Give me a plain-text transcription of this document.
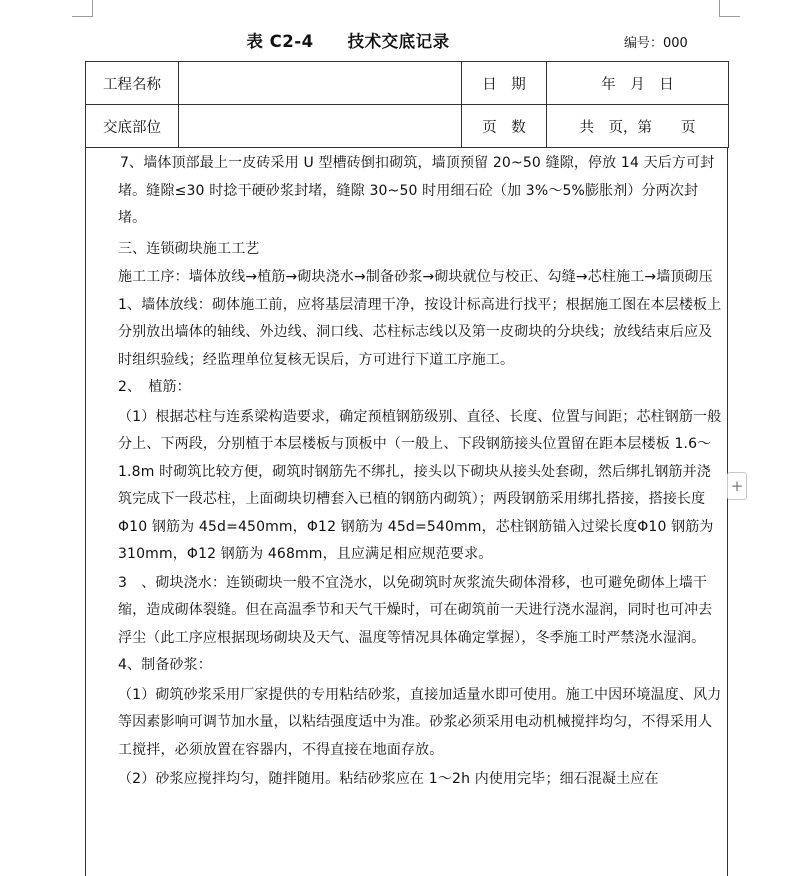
表 C2-4 技术交底记录	编号：000
工程名称		日　期	年　月　日
交底部位		页　数	共　页，第　　页

7、墙体顶部最上一皮砖采用 U 型槽砖倒扣砌筑，墙顶预留 20~50 缝隙，停放 14 天后方可封堵。缝隙≤30 时捻干硬砂浆封堵，缝隙 30~50 时用细石砼（加 3%～5%膨胀剂）分两次封堵。

三、连锁砌块施工工艺

施工工序：墙体放线→植筋→砌块浇水→制备砂浆→砌块就位与校正、勾缝→芯柱施工→墙顶砌压

1、墙体放线：砌体施工前，应将基层清理干净，按设计标高进行找平；根据施工图在本层楼板上分别放出墙体的轴线、外边线、洞口线、芯柱标志线以及第一皮砌块的分块线；放线结束后应及时组织验线；经监理单位复核无误后，方可进行下道工序施工。

2、　植筋：

（1）根据芯柱与连系梁构造要求，确定预植钢筋级别、直径、长度、位置与间距；芯柱钢筋一般分上、下两段，分别植于本层楼板与顶板中（一般上、下段钢筋接头位置留在距本层楼板 1.6～1.8m 时砌筑比较方便，砌筑时钢筋先不绑扎，接头以下砌块从接头处套砌，然后绑扎钢筋并浇筑完成下一段芯柱，上面砌块切槽套入已植的钢筋内砌筑）；两段钢筋采用绑扎搭接，搭接长度Φ10 钢筋为 45d=450mm，Φ12 钢筋为 45d=540mm，芯柱钢筋锚入过梁长度Φ10 钢筋为 310mm，Φ12 钢筋为 468mm，且应满足相应规范要求。

3　、砌块浇水：连锁砌块一般不宜浇水，以免砌筑时灰浆流失砌体滑移，也可避免砌体上墙干缩，造成砌体裂缝。但在高温季节和天气干燥时，可在砌筑前一天进行浇水湿润，同时也可冲去浮尘（此工序应根据现场砌块及天气、温度等情况具体确定掌握），冬季施工时严禁浇水湿润。

4、制备砂浆：

（1）砌筑砂浆采用厂家提供的专用粘结砂浆，直接加适量水即可使用。施工中因环境温度、风力等因素影响可调节加水量，以粘结强度适中为准。砂浆必须采用电动机械搅拌均匀，不得采用人工搅拌，必须放置在容器内，不得直接在地面存放。

（2）砂浆应搅拌均匀，随拌随用。粘结砂浆应在 1～2h 内使用完毕；细石混凝土应在

+
